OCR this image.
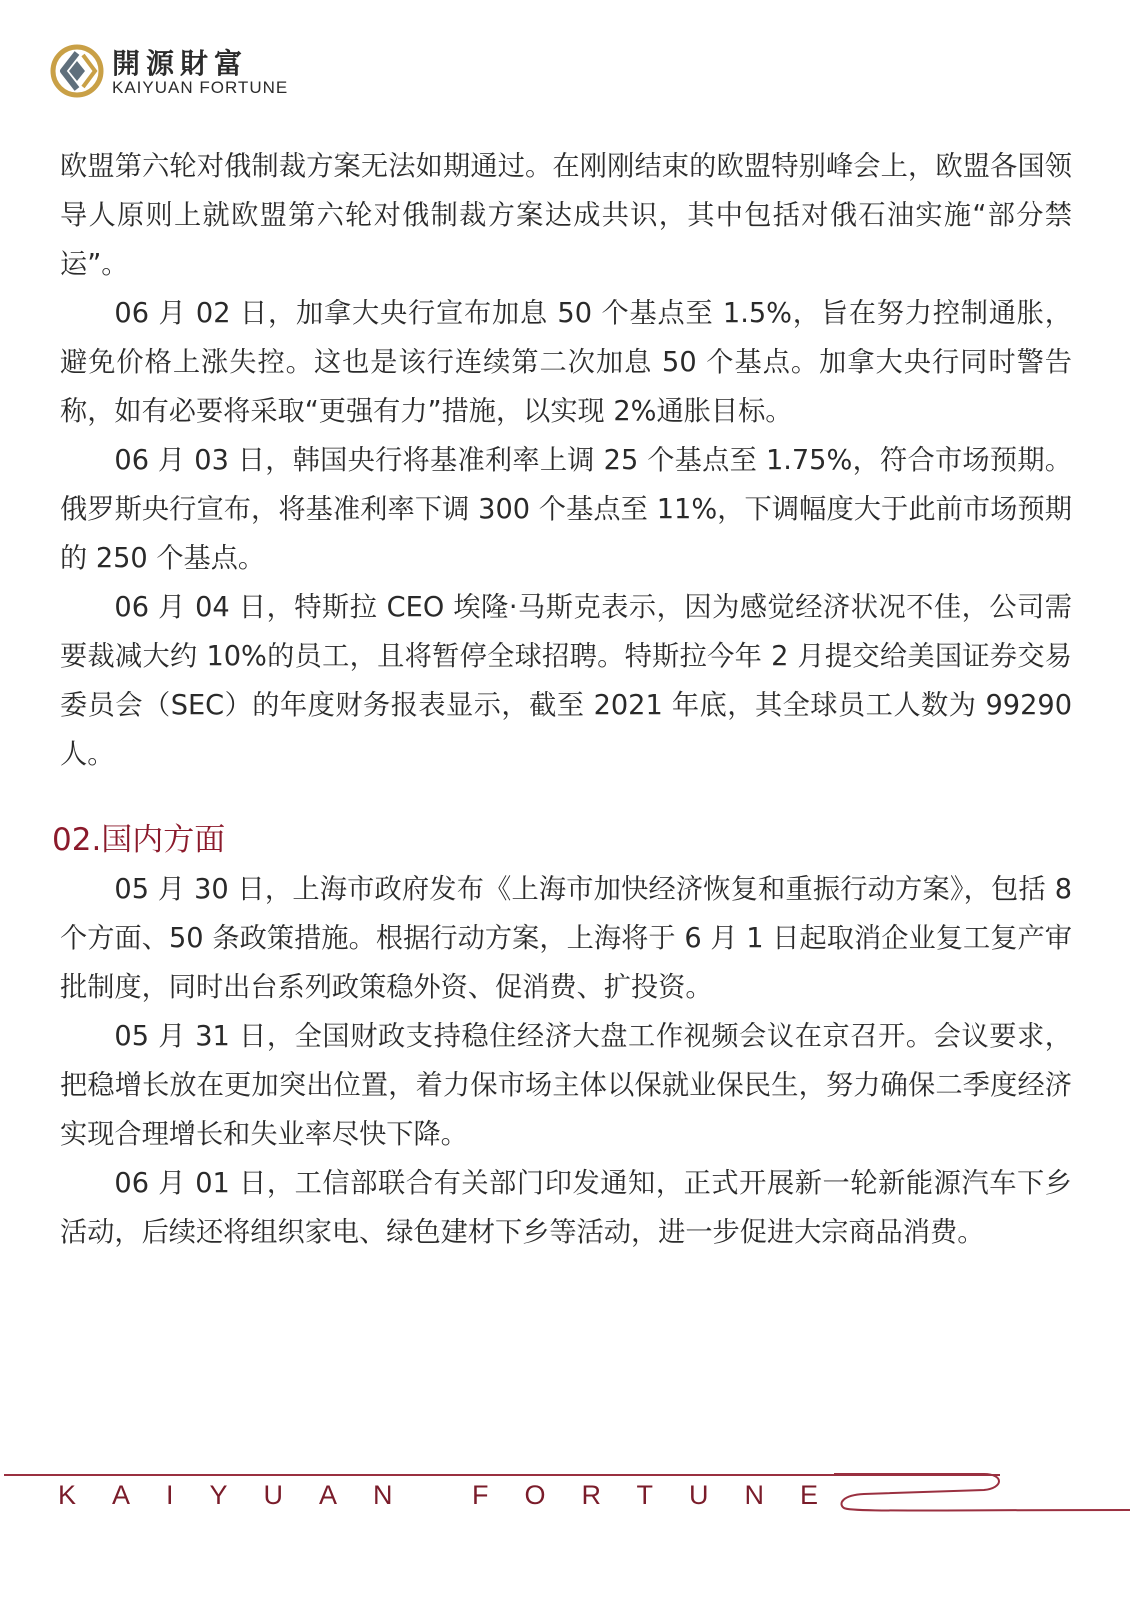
開源財富
KAIYUAN FORTUNE

欧盟第六轮对俄制裁方案无法如期通过。在刚刚结束的欧盟特别峰会上，欧盟各国领导人原则上就欧盟第六轮对俄制裁方案达成共识，其中包括对俄石油实施“部分禁运”。

06 月 02 日，加拿大央行宣布加息 50 个基点至 1.5%，旨在努力控制通胀，避免价格上涨失控。这也是该行连续第二次加息 50 个基点。加拿大央行同时警告称，如有必要将采取“更强有力”措施，以实现 2%通胀目标。

06 月 03 日，韩国央行将基准利率上调 25 个基点至 1.75%，符合市场预期。俄罗斯央行宣布，将基准利率下调 300 个基点至 11%，下调幅度大于此前市场预期的 250 个基点。

06 月 04 日，特斯拉 CEO 埃隆·马斯克表示，因为感觉经济状况不佳，公司需要裁减大约 10%的员工，且将暂停全球招聘。特斯拉今年 2 月提交给美国证券交易委员会（SEC）的年度财务报表显示，截至 2021 年底，其全球员工人数为 99290 人。

02.国内方面

05 月 30 日，上海市政府发布《上海市加快经济恢复和重振行动方案》，包括 8 个方面、50 条政策措施。根据行动方案，上海将于 6 月 1 日起取消企业复工复产审批制度，同时出台系列政策稳外资、促消费、扩投资。

05 月 31 日，全国财政支持稳住经济大盘工作视频会议在京召开。会议要求，把稳增长放在更加突出位置，着力保市场主体以保就业保民生，努力确保二季度经济实现合理增长和失业率尽快下降。

06 月 01 日，工信部联合有关部门印发通知，正式开展新一轮新能源汽车下乡活动，后续还将组织家电、绿色建材下乡等活动，进一步促进大宗商品消费。

KAIYUAN FORTUNE
